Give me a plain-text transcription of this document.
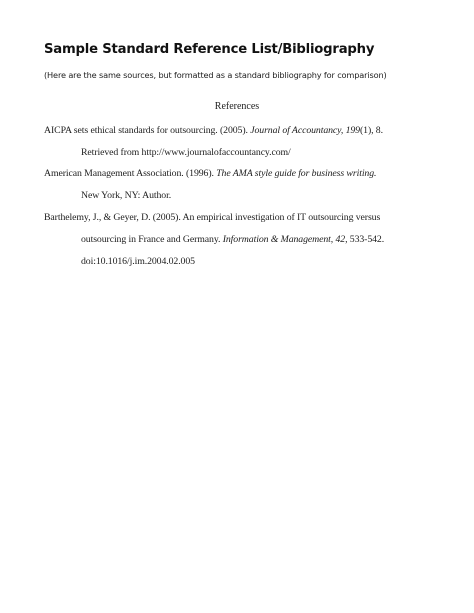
Sample Standard Reference List/Bibliography
(Here are the same sources, but formatted as a standard bibliography for comparison)
References
AICPA sets ethical standards for outsourcing. (2005). Journal of Accountancy, 199(1), 8.
Retrieved from http://www.journalofaccountancy.com/
American Management Association. (1996). The AMA style guide for business writing.
New York, NY: Author.
Barthelemy, J., & Geyer, D. (2005). An empirical investigation of IT outsourcing versus
outsourcing in France and Germany. Information & Management, 42, 533-542.
doi:10.1016/j.im.2004.02.005
